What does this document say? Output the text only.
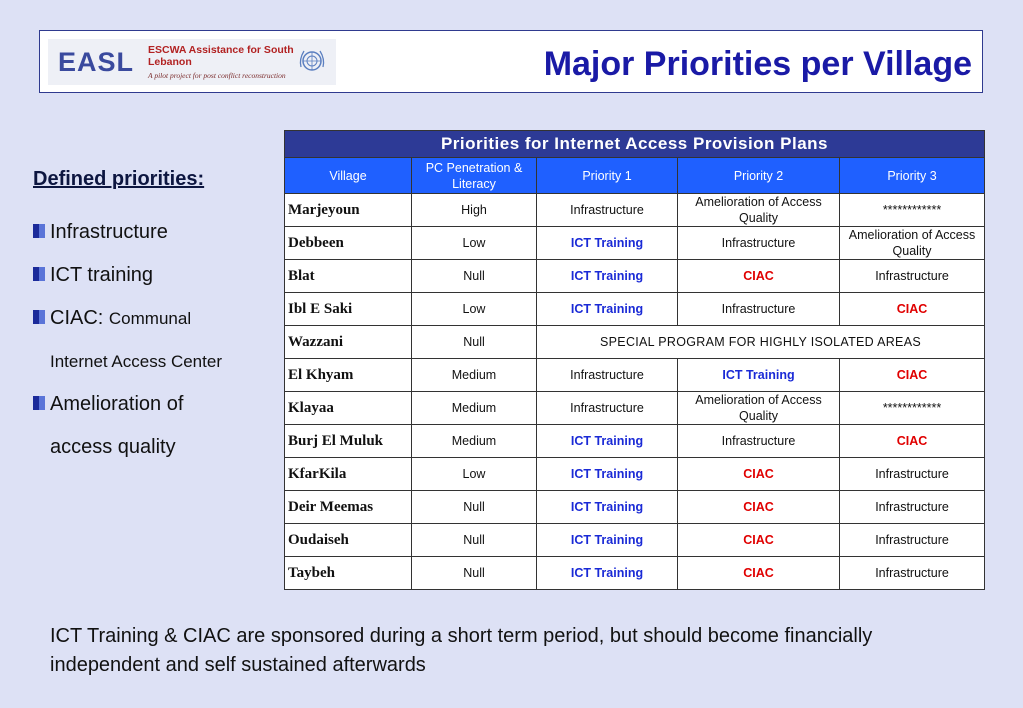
EASL ESCWA Assistance for South Lebanon
A pilot project for post conflict reconstruction	Major Priorities per Village
Defined priorities:
Infrastructure
ICT training
CIAC:
Communal
Internet Access Center
Amelioration of
access quality
Priorities for Internet Access Provision Plans				
Village	PC Penetration & Literacy	Priority 1	Priority 2	Priority 3
Marjeyoun	High	Infrastructure	Amelioration of Access Quality	************
Debbeen	Low	ICT Training	Infrastructure	Amelioration of Access Quality
Blat	Null	ICT Training	CIAC	Infrastructure
Ibl E Saki	Low	ICT Training	Infrastructure	CIAC
Wazzani	Null	SPECIAL PROGRAM FOR HIGHLY ISOLATED AREAS		
El Khyam	Medium	Infrastructure	ICT Training	CIAC
Klayaa	Medium	Infrastructure	Amelioration of Access Quality	************
Burj El Muluk	Medium	ICT Training	Infrastructure	CIAC
KfarKila	Low	ICT Training	CIAC	Infrastructure
Deir Meemas	Null	ICT Training	CIAC	Infrastructure
Oudaiseh	Null	ICT Training	CIAC	Infrastructure
Taybeh	Null	ICT Training	CIAC	Infrastructure
ICT Training & CIAC are sponsored during a short term period, but should become financially independent and self sustained afterwards
